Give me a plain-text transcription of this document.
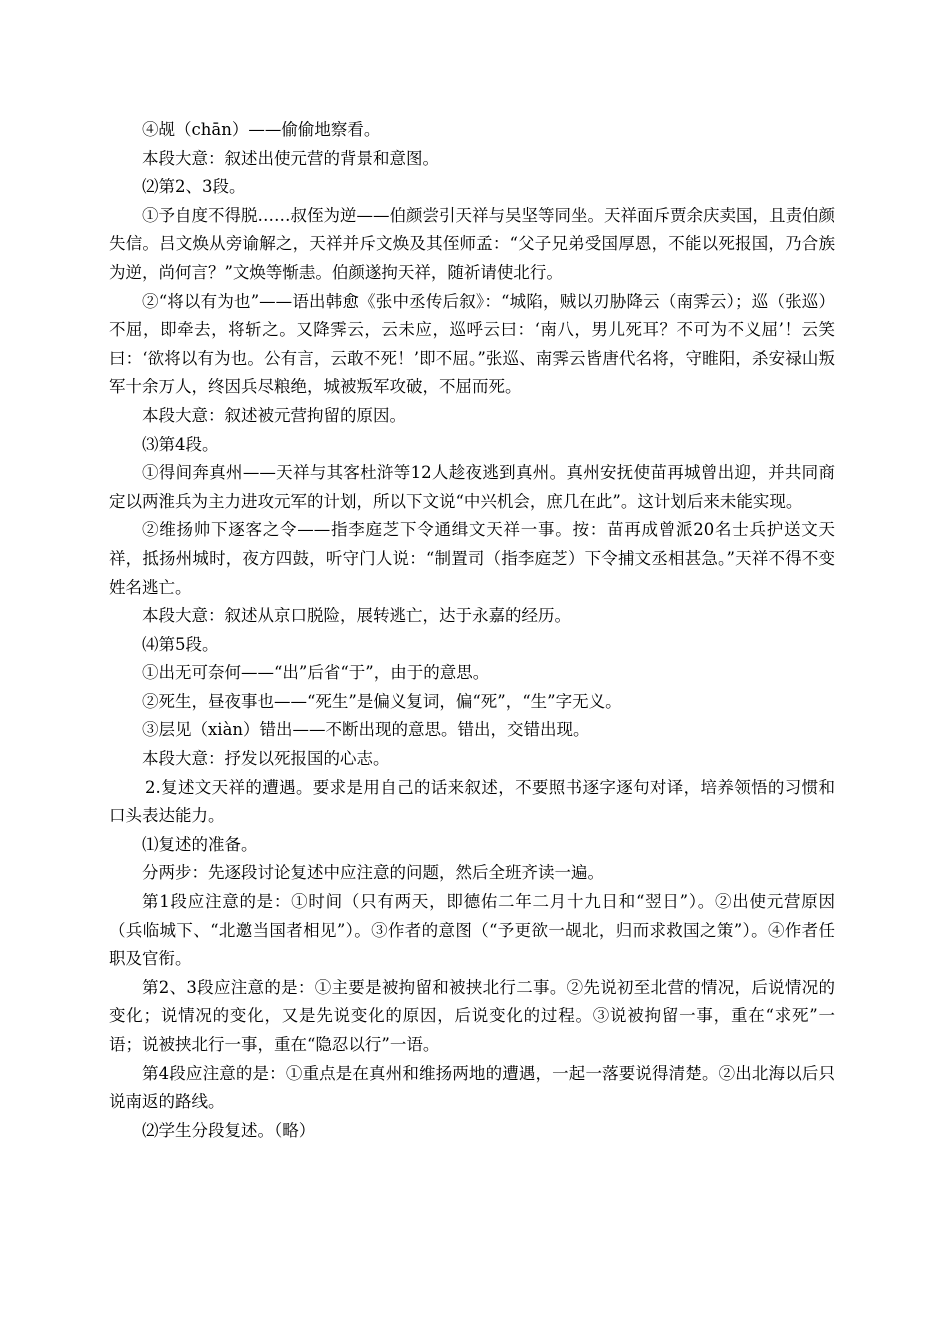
④觇（chān）——偷偷地察看。

本段大意：叙述出使元营的背景和意图。

⑵第2、3段。

①予自度不得脱……叔侄为逆——伯颜尝引天祥与吴坚等同坐。天祥面斥贾余庆卖国，且责伯颜失信。吕文焕从旁谕解之，天祥并斥文焕及其侄师孟：“父子兄弟受国厚恩，不能以死报国，乃合族为逆，尚何言？”文焕等惭恚。伯颜遂拘天祥，随祈请使北行。

②“将以有为也”——语出韩愈《张中丞传后叙》：“城陷，贼以刃胁降云（南霁云）；巡（张巡）不屈，即牵去，将斩之。又降霁云，云未应，巡呼云曰：‘南八，男儿死耳？不可为不义屈’！云笑曰：‘欲将以有为也。公有言，云敢不死！’即不屈。”张巡、南霁云皆唐代名将，守睢阳，杀安禄山叛军十余万人，终因兵尽粮绝，城被叛军攻破，不屈而死。

本段大意：叙述被元营拘留的原因。

⑶第4段。

①得间奔真州——天祥与其客杜浒等12人趁夜逃到真州。真州安抚使苗再城曾出迎，并共同商定以两淮兵为主力进攻元军的计划，所以下文说“中兴机会，庶几在此”。这计划后来未能实现。

②维扬帅下逐客之令——指李庭芝下令通缉文天祥一事。按：苗再成曾派20名士兵护送文天祥，抵扬州城时，夜方四鼓，听守门人说：“制置司（指李庭芝）下令捕文丞相甚急。”天祥不得不变姓名逃亡。

本段大意：叙述从京口脱险，展转逃亡，达于永嘉的经历。

⑷第5段。

①出无可奈何——“出”后省“于”，由于的意思。

②死生，昼夜事也——“死生”是偏义复词，偏“死”，“生”字无义。

③层见（xiàn）错出——不断出现的意思。错出，交错出现。

本段大意：抒发以死报国的心志。

2.复述文天祥的遭遇。要求是用自己的话来叙述，不要照书逐字逐句对译，培养领悟的习惯和口头表达能力。

⑴复述的准备。

分两步：先逐段讨论复述中应注意的问题，然后全班齐读一遍。

第1段应注意的是：①时间（只有两天，即德佑二年二月十九日和“翌日”）。②出使元营原因（兵临城下、“北邀当国者相见”）。③作者的意图（“予更欲一觇北，归而求救国之策”）。④作者任职及官衔。

第2、3段应注意的是：①主要是被拘留和被挟北行二事。②先说初至北营的情况，后说情况的变化；说情况的变化，又是先说变化的原因，后说变化的过程。③说被拘留一事，重在“求死”一语；说被挟北行一事，重在“隐忍以行”一语。

第4段应注意的是：①重点是在真州和维扬两地的遭遇，一起一落要说得清楚。②出北海以后只说南返的路线。

⑵学生分段复述。（略）
